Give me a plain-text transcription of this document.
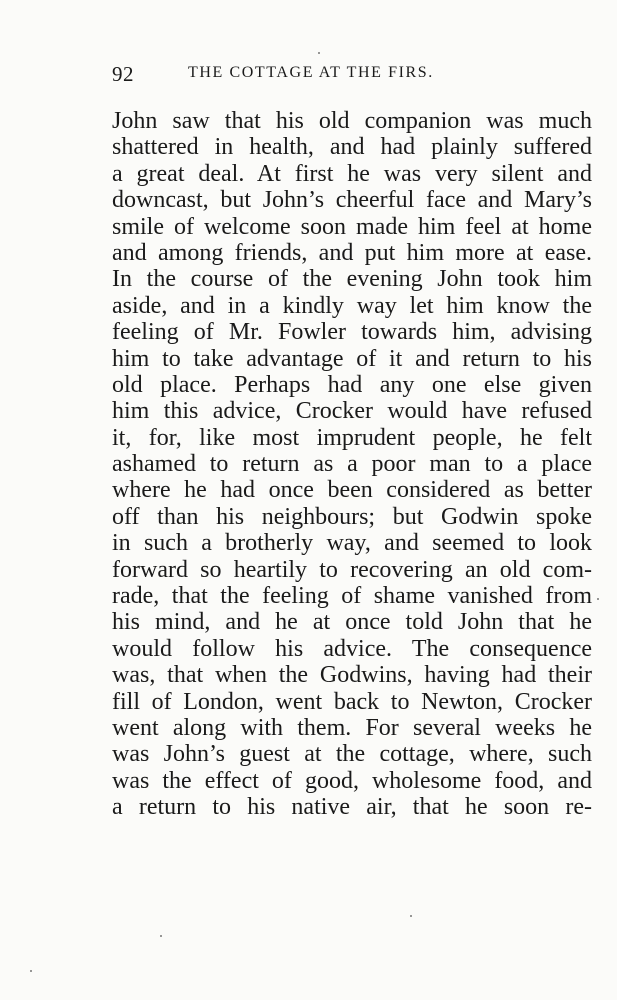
92	THE COTTAGE AT THE FIRS.
John saw that his old companion was much
shattered in health, and had plainly suffered
a great deal. At first he was very silent and
downcast, but John’s cheerful face and Mary’s
smile of welcome soon made him feel at home
and among friends, and put him more at ease.
In the course of the evening John took him
aside, and in a kindly way let him know the
feeling of Mr. Fowler towards him, advising
him to take advantage of it and return to his
old place. Perhaps had any one else given
him this advice, Crocker would have refused
it, for, like most imprudent people, he felt
ashamed to return as a poor man to a place
where he had once been considered as better
off than his neighbours; but Godwin spoke
in such a brotherly way, and seemed to look
forward so heartily to recovering an old com-
rade, that the feeling of shame vanished from
his mind, and he at once told John that he
would follow his advice. The consequence
was, that when the Godwins, having had their
fill of London, went back to Newton, Crocker
went along with them. For several weeks he
was John’s guest at the cottage, where, such
was the effect of good, wholesome food, and
a return to his native air, that he soon re-
